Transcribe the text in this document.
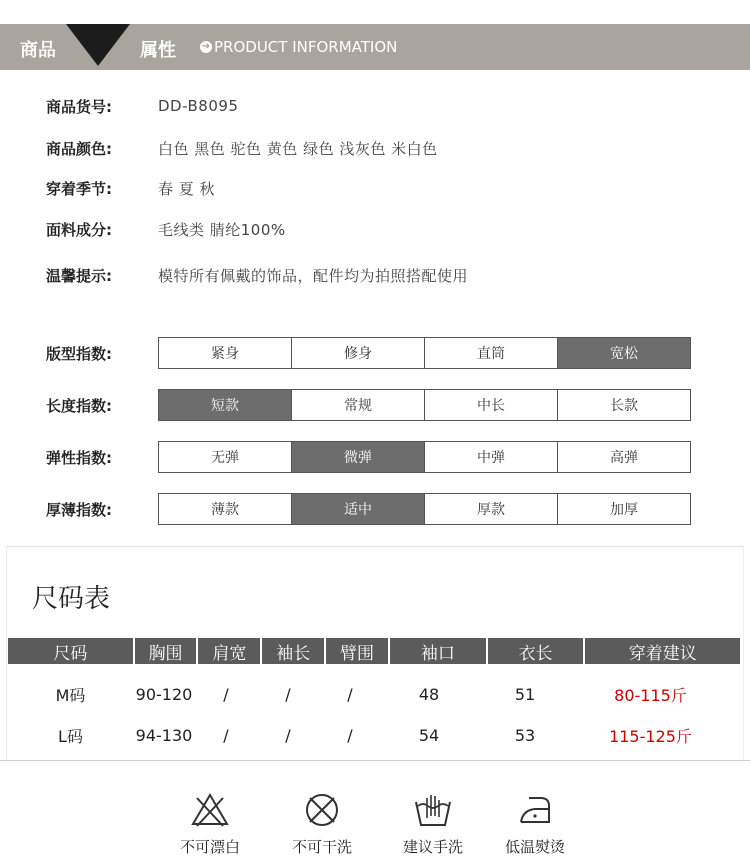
商品	属性	➔ PRODUCT INFORMATION
商品货号:	DD-B8095
商品颜色:	白色 黑色 驼色 黄色 绿色 浅灰色 米白色
穿着季节:	春 夏 秋
面料成分:	毛线类 腈纶100%
温馨提示:	模特所有佩戴的饰品，配件均为拍照搭配使用
版型指数:	紧身	修身	直筒	宽松
长度指数:	短款	常规	中长	长款
弹性指数:	无弹	微弹	中弹	高弹
厚薄指数:	薄款	适中	厚款	加厚
尺码表
尺码	胸围	肩宽	袖长	臂围	袖口	衣长	穿着建议
M码	90-120	/	/	/	48	51	80-115斤
L码	94-130	/	/	/	54	53	115-125斤
不可漂白	不可干洗	建议手洗	低温熨烫
